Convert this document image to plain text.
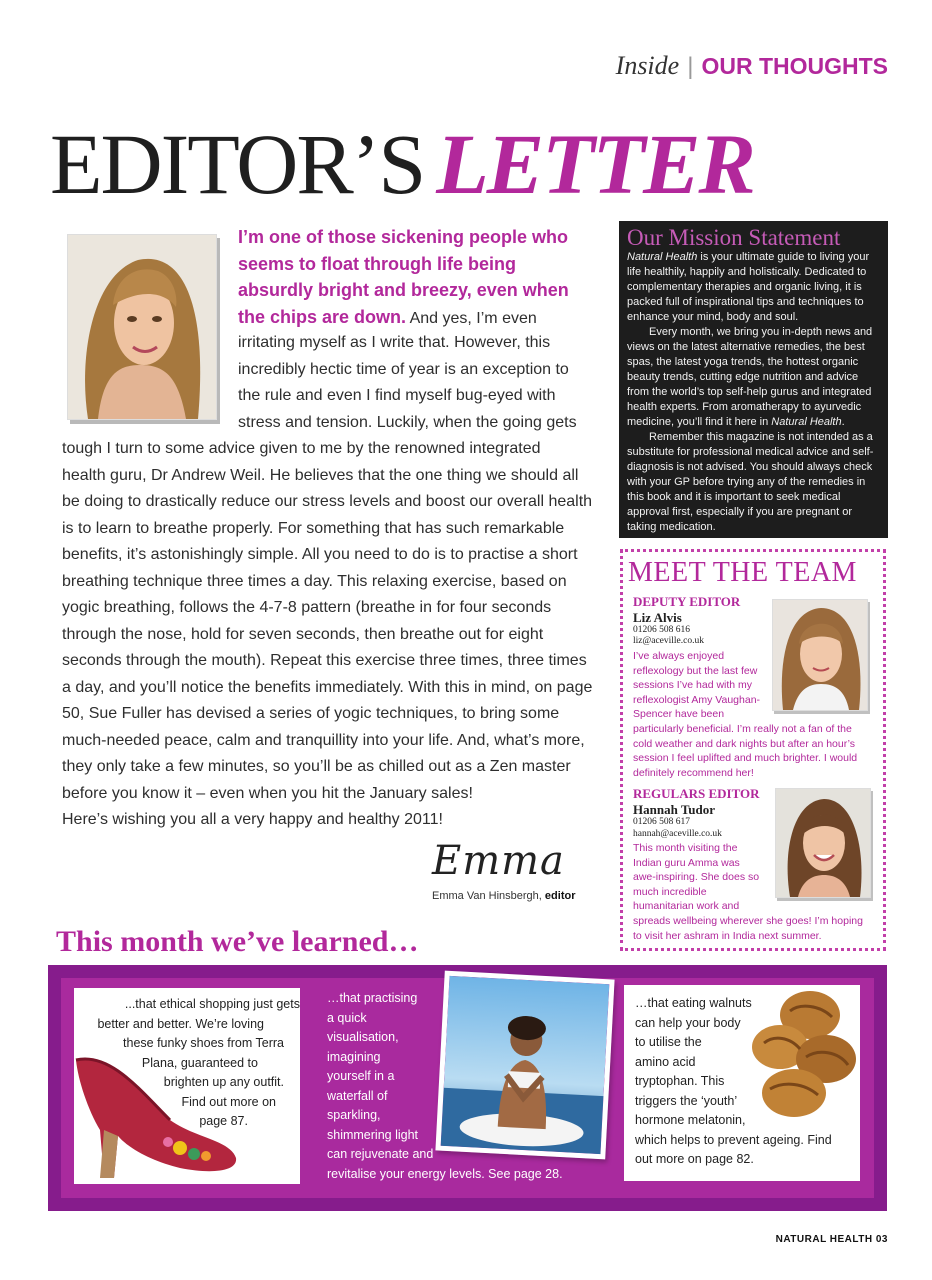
Inside | OUR THOUGHTS
EDITOR’S LETTER
I’m one of those sickening people who
seems to float through life being
absurdly bright and breezy, even when
the chips are down. And yes, I’m even
irritating myself as I write that. However, this
incredibly hectic time of year is an exception to
the rule and even I find myself bug-eyed with
stress and tension. Luckily, when the going gets
tough I turn to some advice given to me by the renowned integrated
health guru, Dr Andrew Weil. He believes that the one thing we should all
be doing to drastically reduce our stress levels and boost our overall health
is to learn to breathe properly. For something that has such remarkable
benefits, it’s astonishingly simple. All you need to do is to practise a short
breathing technique three times a day. This relaxing exercise, based on
yogic breathing, follows the 4-7-8 pattern (breathe in for four seconds
through the nose, hold for seven seconds, then breathe out for eight
seconds through the mouth). Repeat this exercise three times, three times
a day, and you’ll notice the benefits immediately. With this in mind, on page
50, Sue Fuller has devised a series of yogic techniques, to bring some
much-needed peace, calm and tranquillity into your life. And, what’s more,
they only take a few minutes, so you’ll be as chilled out as a Zen master
before you know it – even when you hit the January sales!
Here’s wishing you all a very happy and healthy 2011!
Emma
Emma Van Hinsbergh, editor
Our Mission Statement

Natural Health is your ultimate guide to living your life healthily, happily and holistically. Dedicated to complementary therapies and organic living, it is packed full of inspirational tips and techniques to enhance your mind, body and soul.

Every month, we bring you in-depth news and views on the latest alternative remedies, the best spas, the latest yoga trends, the hottest organic beauty trends, cutting edge nutrition and advice from the world’s top self-help gurus and integrated health experts. From aromatherapy to ayurvedic medicine, you’ll find it here in Natural Health.

Remember this magazine is not intended as a substitute for professional medical advice and self-diagnosis is not advised. You should always check with your GP before trying any of the remedies in this book and it is important to seek medical approval first, especially if you are pregnant or taking medication.

MEET THE TEAM
DEPUTY EDITOR
Liz Alvis
01206 508 616
liz@aceville.co.uk
I’ve always enjoyed
reflexology but the last few
sessions I’ve had with my
reflexologist Amy Vaughan-
Spencer have been
particularly beneficial. I’m really not a fan of the
cold weather and dark nights but after an hour’s
session I feel uplifted and much brighter. I would
definitely recommend her!
REGULARS EDITOR
Hannah Tudor
01206 508 617
hannah@aceville.co.uk
This month visiting the
Indian guru Amma was
awe-inspiring. She does so
much incredible
humanitarian work and
spreads wellbeing wherever she goes! I’m hoping
to visit her ashram in India next summer.
This month we’ve learned…
...that ethical shopping just gets
better and better. We’re loving
these funky shoes from Terra
Plana, guaranteed to
brighten up any outfit.
Find out more on
page 87.
…that practising
a quick
visualisation,
imagining
yourself in a
waterfall of
sparkling,
shimmering light
can rejuvenate and
revitalise your energy levels. See page 28.
…that eating walnuts
can help your body
to utilise the
amino acid
tryptophan. This
triggers the ‘youth’
hormone melatonin,
which helps to prevent ageing. Find
out more on page 82.
NATURAL HEALTH 03
